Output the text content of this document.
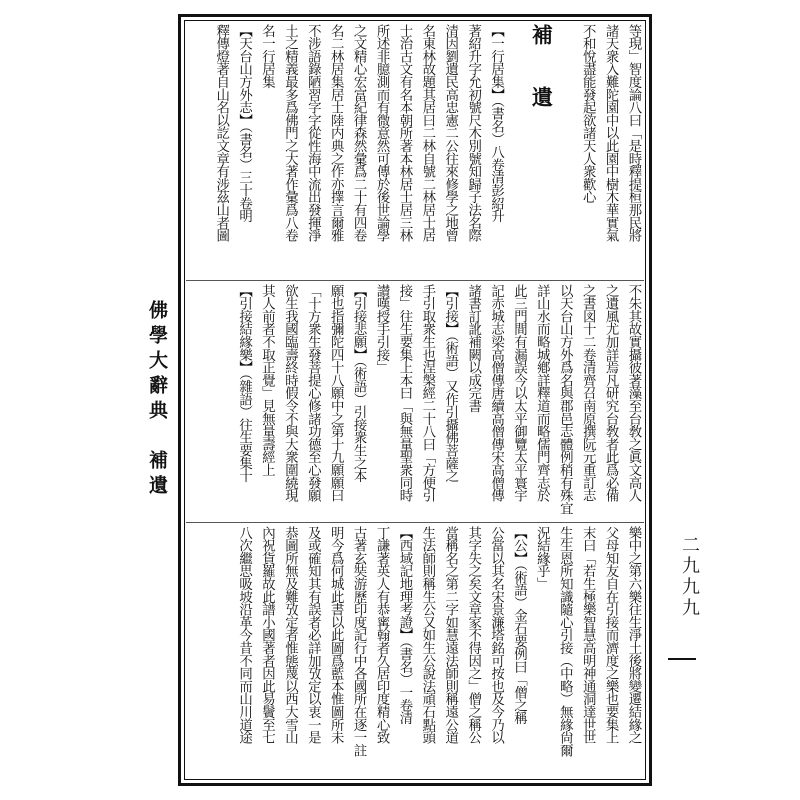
佛學大辭典　補遺
二九九九
等現」智度論八曰「是時釋提桓那民將
諸天衆入難陀園中以此園中樹木華實氣
不和悅盡能發起欲諸天人衆歡心

補　遺

【一行居集】（書名）八卷清彭紹升
著紹升字允初號尺木別號知歸子法名際
清因劉遺民高忠憲二公往來修學之地曾
名東林故題其居曰二林自號二林居士居
士治古文有名本朝所著本林居士居三林
所述非臆測而有微意然可傳於後世論學
之文精心宏富紀律森然彙爲二十有四卷
名二林居集居士陸内典之作亦擇言爾雅
不涉語錄陋習字字從性海中流出發揮淨
土之精義最多爲佛門之大著作彙爲八卷
名一行居集
【天台山方外志】（書名）三十卷明
釋傳燈著自山名以訖文章有涉茲山者圖
不朱其故實攝彼著藻至台敎之眞文高人
之遺風尤加詳焉凡研究台敎者此爲必備
之書図十二卷清齊召南原撰阮元重訂志
以天台山方外爲名與郡邑志體例稍有殊宜
詳山水而略城鄕詳釋道而略儒門齊志於
此三門間有漏誤今以太平御覽太平寰宇
記赤城志梁高僧傳唐續高僧傳宋高僧傳
諸書訂訛補闕以成完書
【引接】（術語）又作引攝佛菩薩之
手引取衆生也涅槃經二十八曰「方便引
接」往生要集上本曰「與無量聖衆同時
讃嘆授手引接」
【引接悲願】（術語）引接衆生之本
願也指彌陀四十八願中之第十九願願曰
「十方衆生發菩提心修諸功德至心發願
欲生我國臨壽終時假令不與大衆圍繞現
其人前者不取正覺」見無量壽經上
【引接結緣樂】（雜語）往生要集十
樂中之第六樂往生淨土後將變遷結緣之
父母知友自在引接而濟度之樂也要集上
末曰「若生極樂智慧高明神通洞達世世
生生恩所知識隨心引接（中略）無緣尙爾
況結緣乎」
【公】（術語）金石要例曰「僧之稱
公當以其名宋景濂塔銘可按也及今乃以
其字失之矣文章家不得因之」僧之稱公
當稱名之第二字如慧遠法師則稱遠公道
生法師則稱生公又如生公說法頑石點頭
【西域記地理考證】（書名）一卷清
丁謙著英人有恭寗翰者久居印度精心致
古著玄奘游歷印度記行中各國所在逐一註
明今爲何城此書以此圖爲藍本惟圖所未
及或確知其有誤者必詳加攷定以衷一是
恭圖所無及難攷定者惟態蔑以西大雪山
內祝貨羅故此譜小國著者因此易鬢至七
八次繼思吸坡沿革今昔不同而山川道途
